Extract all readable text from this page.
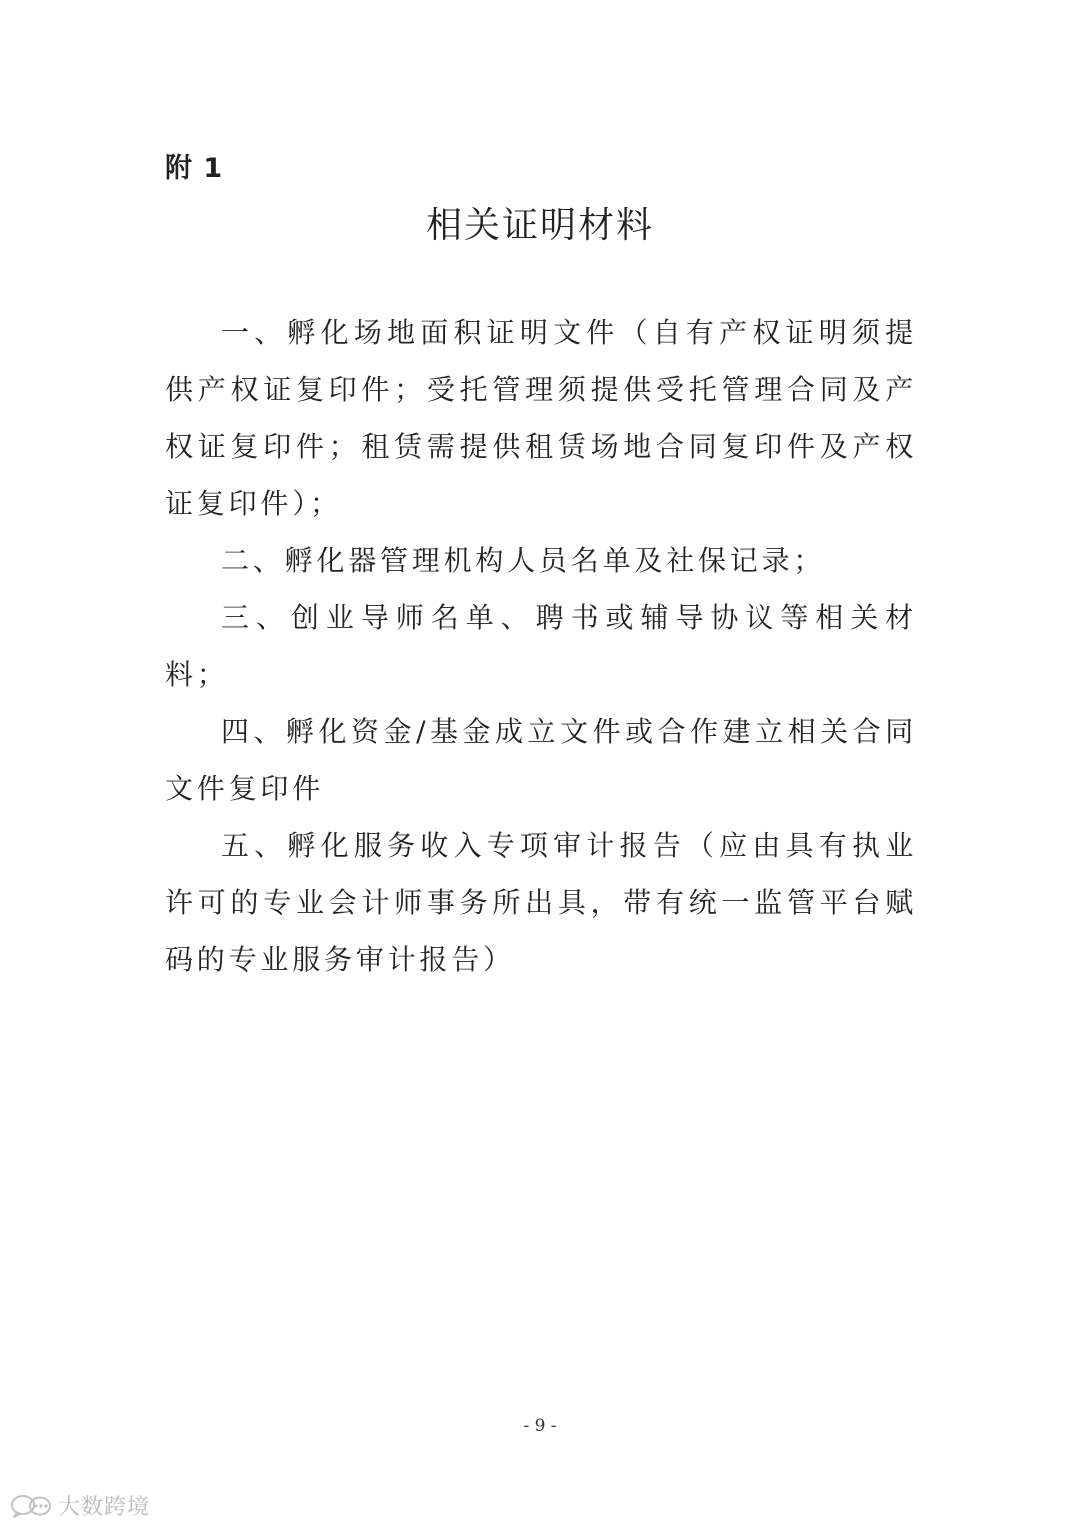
附 1
相关证明材料

一、孵化场地面积证明文件（自有产权证明须提供产权证复印件；受托管理须提供受托管理合同及产权证复印件；租赁需提供租赁场地合同复印件及产权证复印件）；

二、孵化器管理机构人员名单及社保记录；

三、创业导师名单、聘书或辅导协议等相关材料；

四、孵化资金/基金成立文件或合作建立相关合同文件复印件

五、孵化服务收入专项审计报告（应由具有执业许可的专业会计师事务所出具，带有统一监管平台赋码的专业服务审计报告）

- 9 -
大数跨境
